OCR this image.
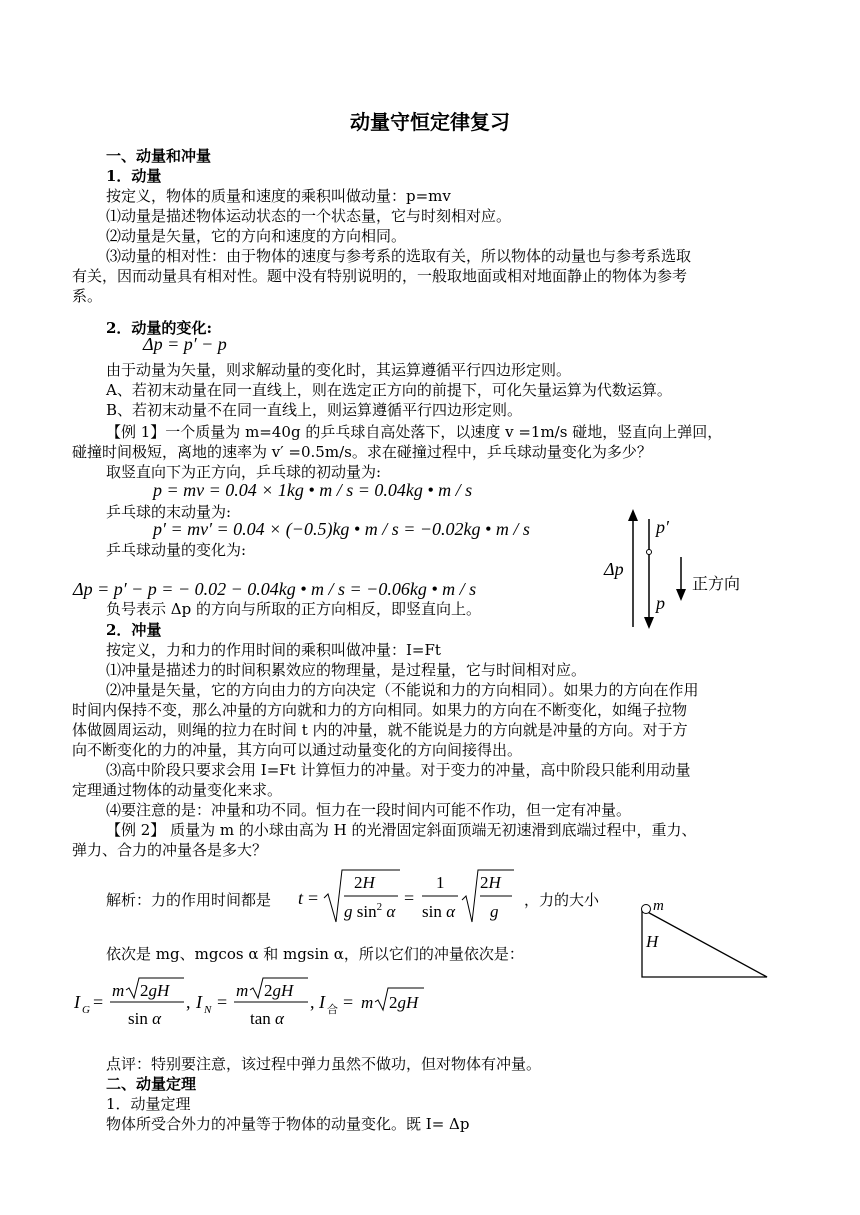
动量守恒定律复习
一、动量和冲量
1．动量
按定义，物体的质量和速度的乘积叫做动量：p=mv
⑴动量是描述物体运动状态的一个状态量，它与时刻相对应。
⑵动量是矢量，它的方向和速度的方向相同。
⑶动量的相对性：由于物体的速度与参考系的选取有关，所以物体的动量也与参考系选取
有关，因而动量具有相对性。题中没有特别说明的，一般取地面或相对地面静止的物体为参考
系。
2．动量的变化:
Δp = p′ − p
由于动量为矢量，则求解动量的变化时，其运算遵循平行四边形定则。
A、若初末动量在同一直线上，则在选定正方向的前提下，可化矢量运算为代数运算。
B、若初末动量不在同一直线上，则运算遵循平行四边形定则。
【例 1】一个质量为 m=40g 的乒乓球自高处落下，以速度 v =1m/s 碰地，竖直向上弹回，
碰撞时间极短，离地的速率为 v′ =0.5m/s。求在碰撞过程中，乒乓球动量变化为多少？
取竖直向下为正方向，乒乓球的初动量为:
p = mv = 0.04 × 1kg • m / s = 0.04kg • m / s
乒乓球的末动量为:
p′ = mv′ = 0.04 × (−0.5)kg • m / s = −0.02kg • m / s
乒乓球动量的变化为:
Δp = p′ − p = − 0.02 − 0.04kg • m / s = −0.06kg • m / s
负号表示 Δp 的方向与所取的正方向相反，即竖直向上。
p′
Δp
p
正方向
2．冲量
按定义，力和力的作用时间的乘积叫做冲量：I=Ft
⑴冲量是描述力的时间积累效应的物理量，是过程量，它与时间相对应。
⑵冲量是矢量，它的方向由力的方向决定（不能说和力的方向相同）。如果力的方向在作用
时间内保持不变，那么冲量的方向就和力的方向相同。如果力的方向在不断变化，如绳子拉物
体做圆周运动，则绳的拉力在时间 t 内的冲量，就不能说是力的方向就是冲量的方向。对于方
向不断变化的力的冲量，其方向可以通过动量变化的方向间接得出。
⑶高中阶段只要求会用 I=Ft 计算恒力的冲量。对于变力的冲量，高中阶段只能利用动量
定理通过物体的动量变化来求。
⑷要注意的是：冲量和功不同。恒力在一段时间内可能不作功，但一定有冲量。
【例 2】 质量为 m 的小球由高为 H 的光滑固定斜面顶端无初速滑到底端过程中，重力、
弹力、合力的冲量各是多大？
解析：力的作用时间都是 t =
2H
g $\sin^2 \alpha$
=
1
sin α
2H
g
，力的大小	m
H
依次是 mg、mgcos α 和 mgsin α，所以它们的冲量依次是：
I G =
m 2gH
sin α
, I N =
m 2gH
tan α
, I 合 = m 2gH
点评：特别要注意，该过程中弹力虽然不做功，但对物体有冲量。
二、动量定理
1．动量定理
物体所受合外力的冲量等于物体的动量变化。既 I= Δp
